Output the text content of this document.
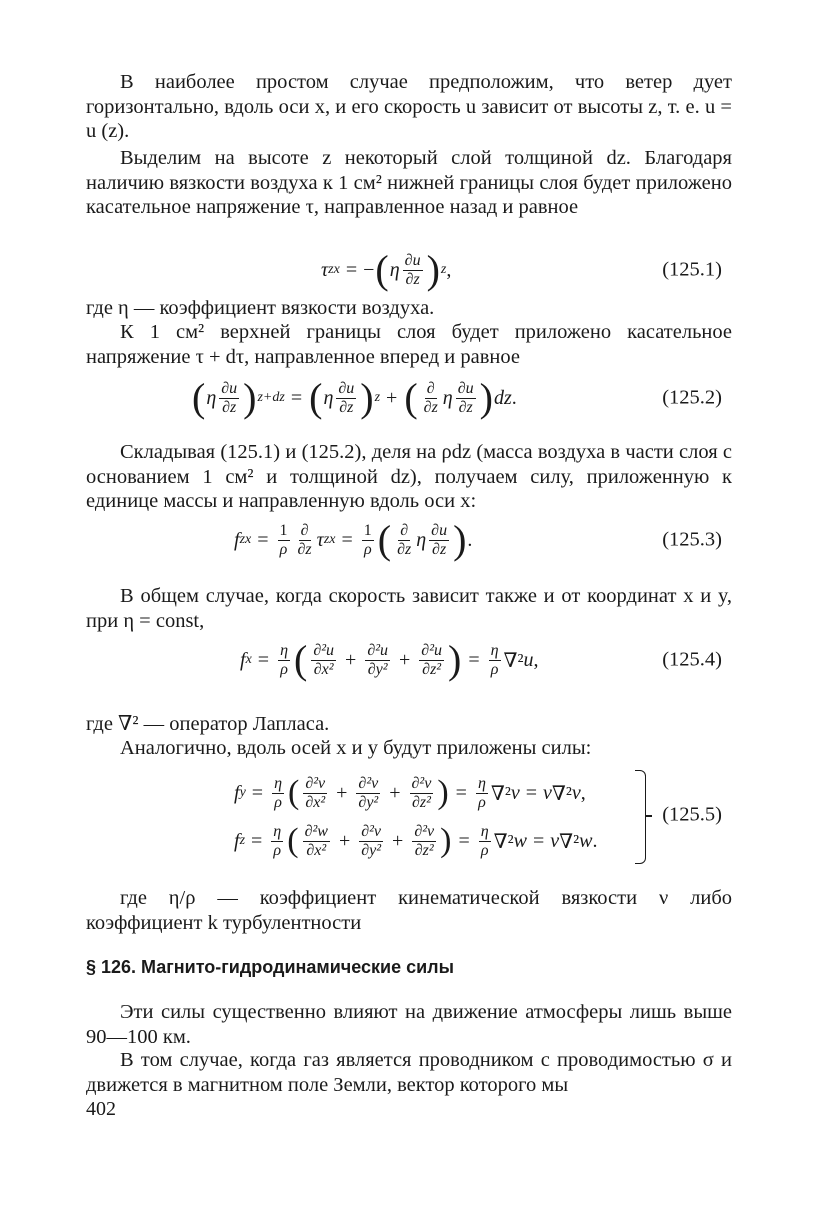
В наиболее простом случае предположим, что ветер дует горизонтально, вдоль оси x, и его скорость u зависит от высоты z, т. е. u = u (z).

Выделим на высоте z некоторый слой толщиной dz. Благодаря наличию вязкости воздуха к 1 см² нижней границы слоя будет приложено касательное напряжение τ, направленное назад и равное

τ zx = − ( η $\frac{\partial u}{\partial z}$ ) z ,	(125.1)

где η — коэффициент вязкости воздуха.

К 1 см² верхней границы слоя будет приложено касательное напряжение τ + dτ, направленное вперед и равное

( η $\frac{\partial u}{\partial z}$ ) z+dz = ( η $\frac{\partial u}{\partial z}$ ) z + ( $\frac{\partial}{\partial z}$ η $\frac{\partial u}{\partial z}$ ) dz .	(125.2)

Складывая (125.1) и (125.2), деля на ρdz (масса воздуха в части слоя с основанием 1 см² и толщиной dz), получаем силу, приложенную к единице массы и направленную вдоль оси x:

f zx = $\frac{1}{\rho} \frac{\partial}{\partial z}$ τ zx = $\frac{1}{\rho}$ ( $\frac{\partial}{\partial z}$ η $\frac{\partial u}{\partial z}$ ) .	(125.3)

В общем случае, когда скорость зависит также и от координат x и y, при η = const,

f $x = \frac{\eta}{\rho}$ ( $\frac{\text{∂²u}}{\text{∂x²}} + \frac{\text{∂²u}}{\text{∂y²}} + \frac{\text{∂²u}}{\text{∂z²}}$ ) = $\frac{\eta}{\rho} \nabla^2$ u ,	(125.4)

где ∇² — оператор Лапласа.

Аналогично, вдоль осей x и y будут приложены силы:

f $y = \frac{\eta}{\rho}$ ( $\frac{\text{∂²v}}{\text{∂x²}} + \frac{\text{∂²v}}{\text{∂y²}} + \frac{\text{∂²v}}{\text{∂z²}}$ ) = $\frac{\eta}{\rho} \nabla^2$ v = ν ∇² v ,
f $z = \frac{\eta}{\rho}$ ( $\frac{\text{∂²w}}{\text{∂x²}} + \frac{\text{∂²v}}{\text{∂y²}} + \frac{\text{∂²v}}{\text{∂z²}}$ ) = $\frac{\eta}{\rho} \nabla^2$ w = ν ∇² w .
(125.5)

где η/ρ — коэффициент кинематической вязкости ν либо коэффициент k турбулентности

§ 126. Магнито-гидродинамические силы

Эти силы существенно влияют на движение атмосферы лишь выше 90—100 км.

В том случае, когда газ является проводником с проводимостью σ и движется в магнитном поле Земли, вектор которого мы

402
